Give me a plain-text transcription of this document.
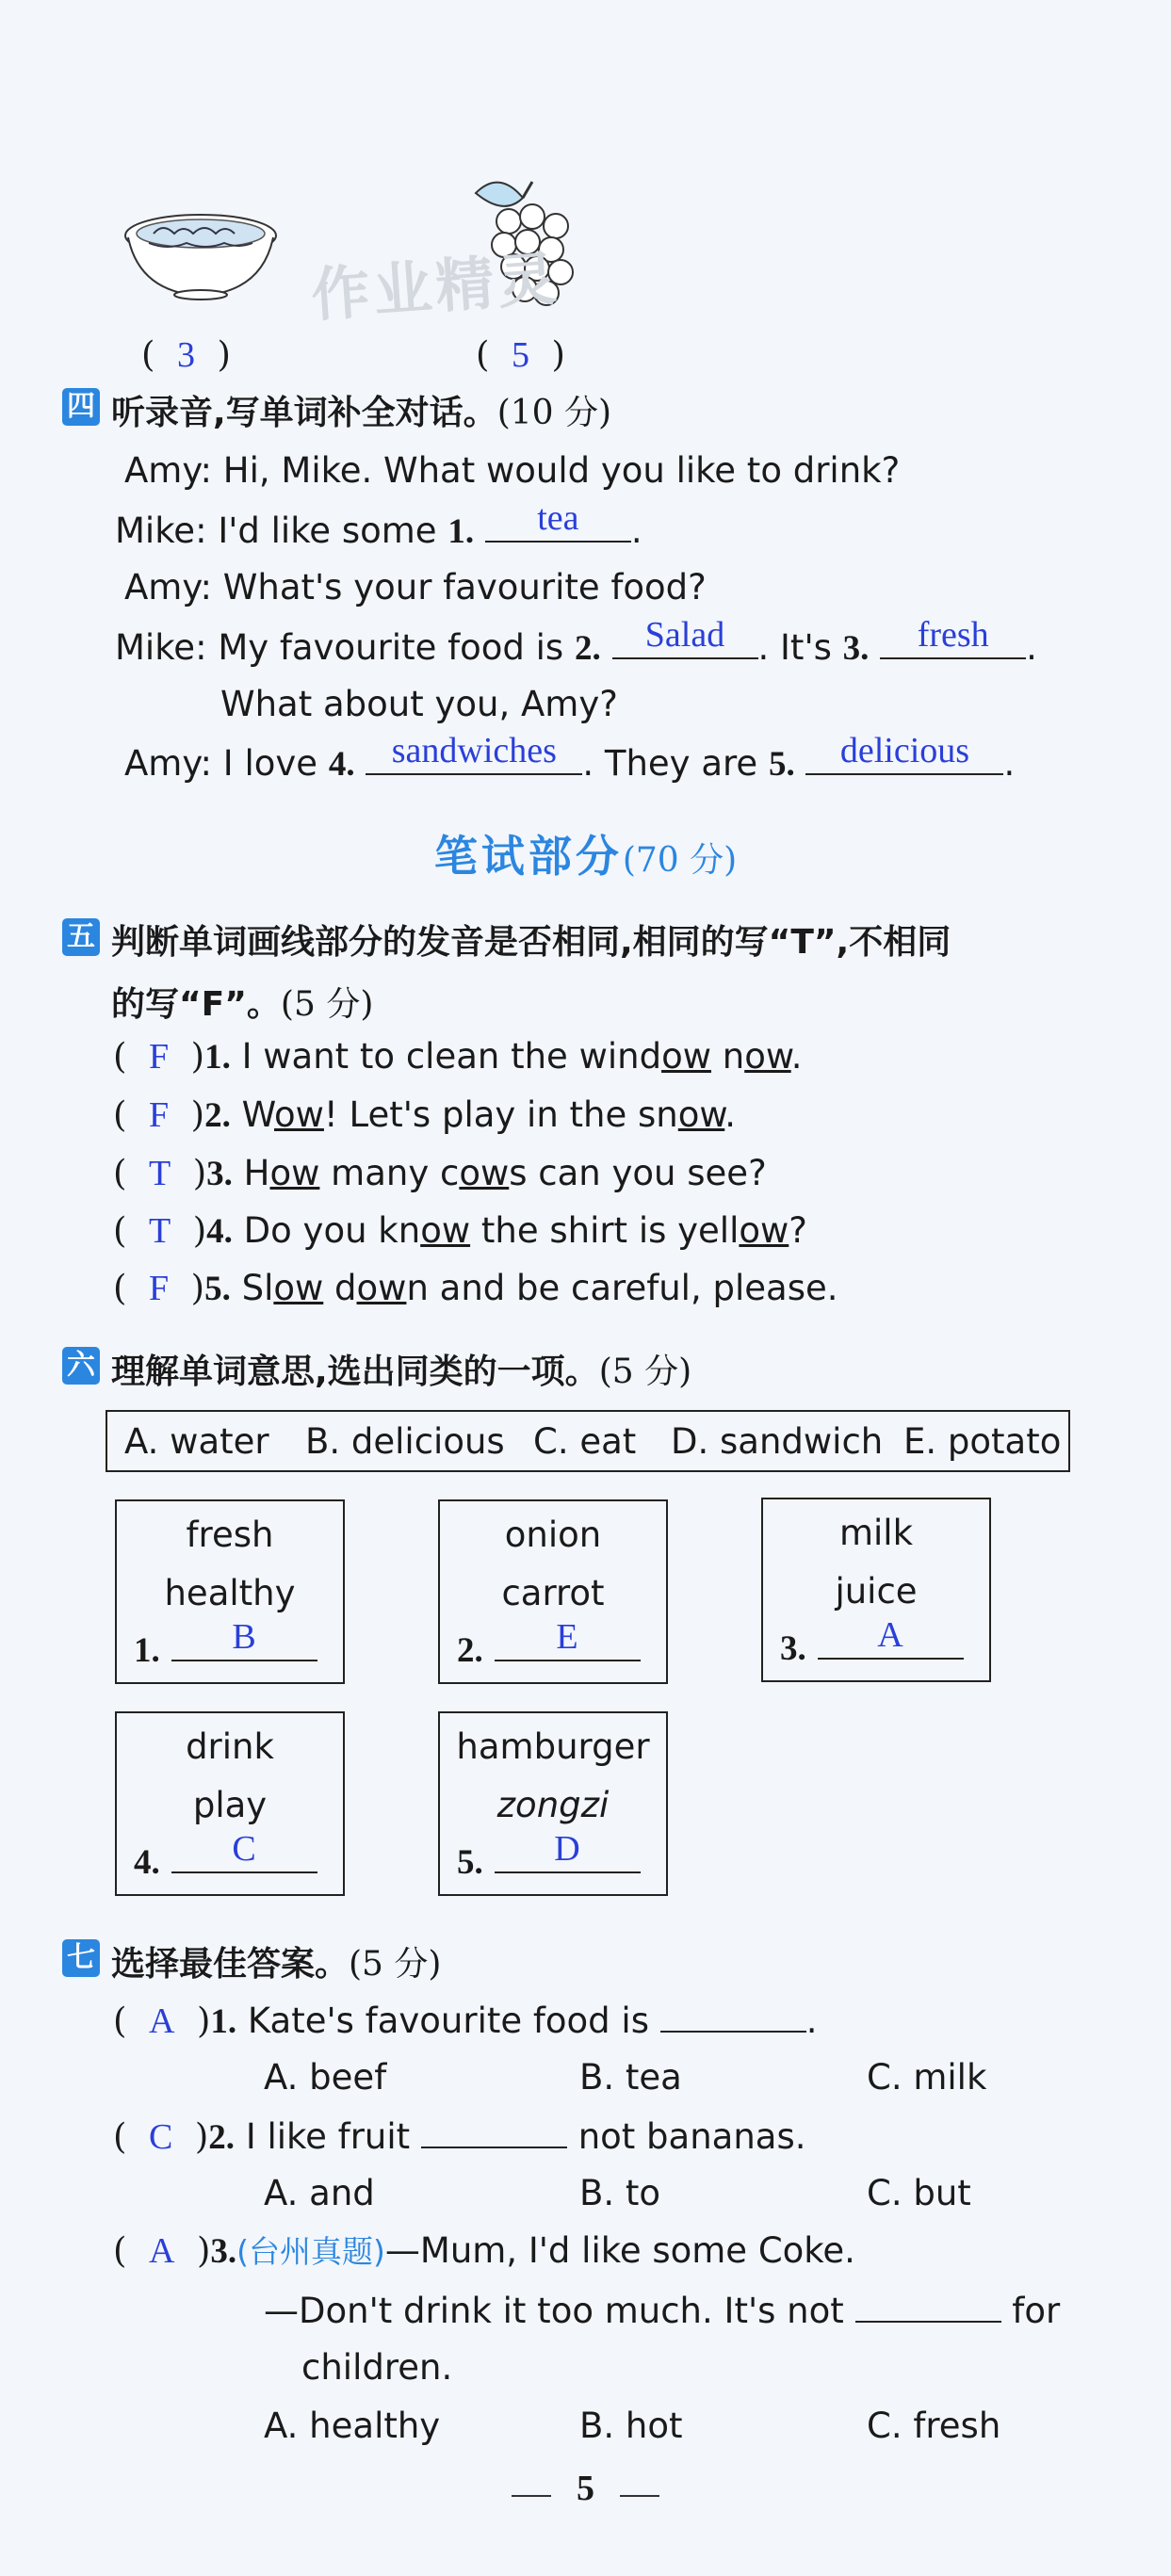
作业精灵
( 3 )	( 5 )
四 听录音,写单词补全对话。(10 分)
Amy: Hi, Mike. What would you like to drink?
Mike: I'd like some 1.	tea	.
Amy: What's your favourite food?
Mike: My favourite food is 2.	Salad . It's 3.	fresh	.
What about you, Amy?
Amy: I love 4.	sandwiches . They are 5.	delicious .
笔试部分(70 分)
五 判断单词画线部分的发音是否相同,相同的写“T”,不相同
的写“F”。(5 分)
( F )1. I want to clean the window now.
( F )2. Wow! Let's play in the snow.
( T )3. How many cows can you see?
( T )4. Do you know the shirt is yellow?
( F )5. Slow down and be careful, please.
六 理解单词意思,选出同类的一项。(5 分)
A. water B. delicious C. eat D. sandwich E. potato
fresh
healthy
1.	B
onion
carrot
2.	E
milk
juice
3.	A
drink
play
4.	C
hamburger
zongzi
5.	D
七 选择最佳答案。(5 分)
( A )1. Kate's favourite food is	.
A. beef	B. tea	C. milk
( C )2. I like fruit	not bananas.
A. and	B. to	C. but
( A )3.(台州真题)—Mum, I'd like some Coke.
—Don't drink it too much. It's not	for
children.
A. healthy	B. hot	C. fresh
5
